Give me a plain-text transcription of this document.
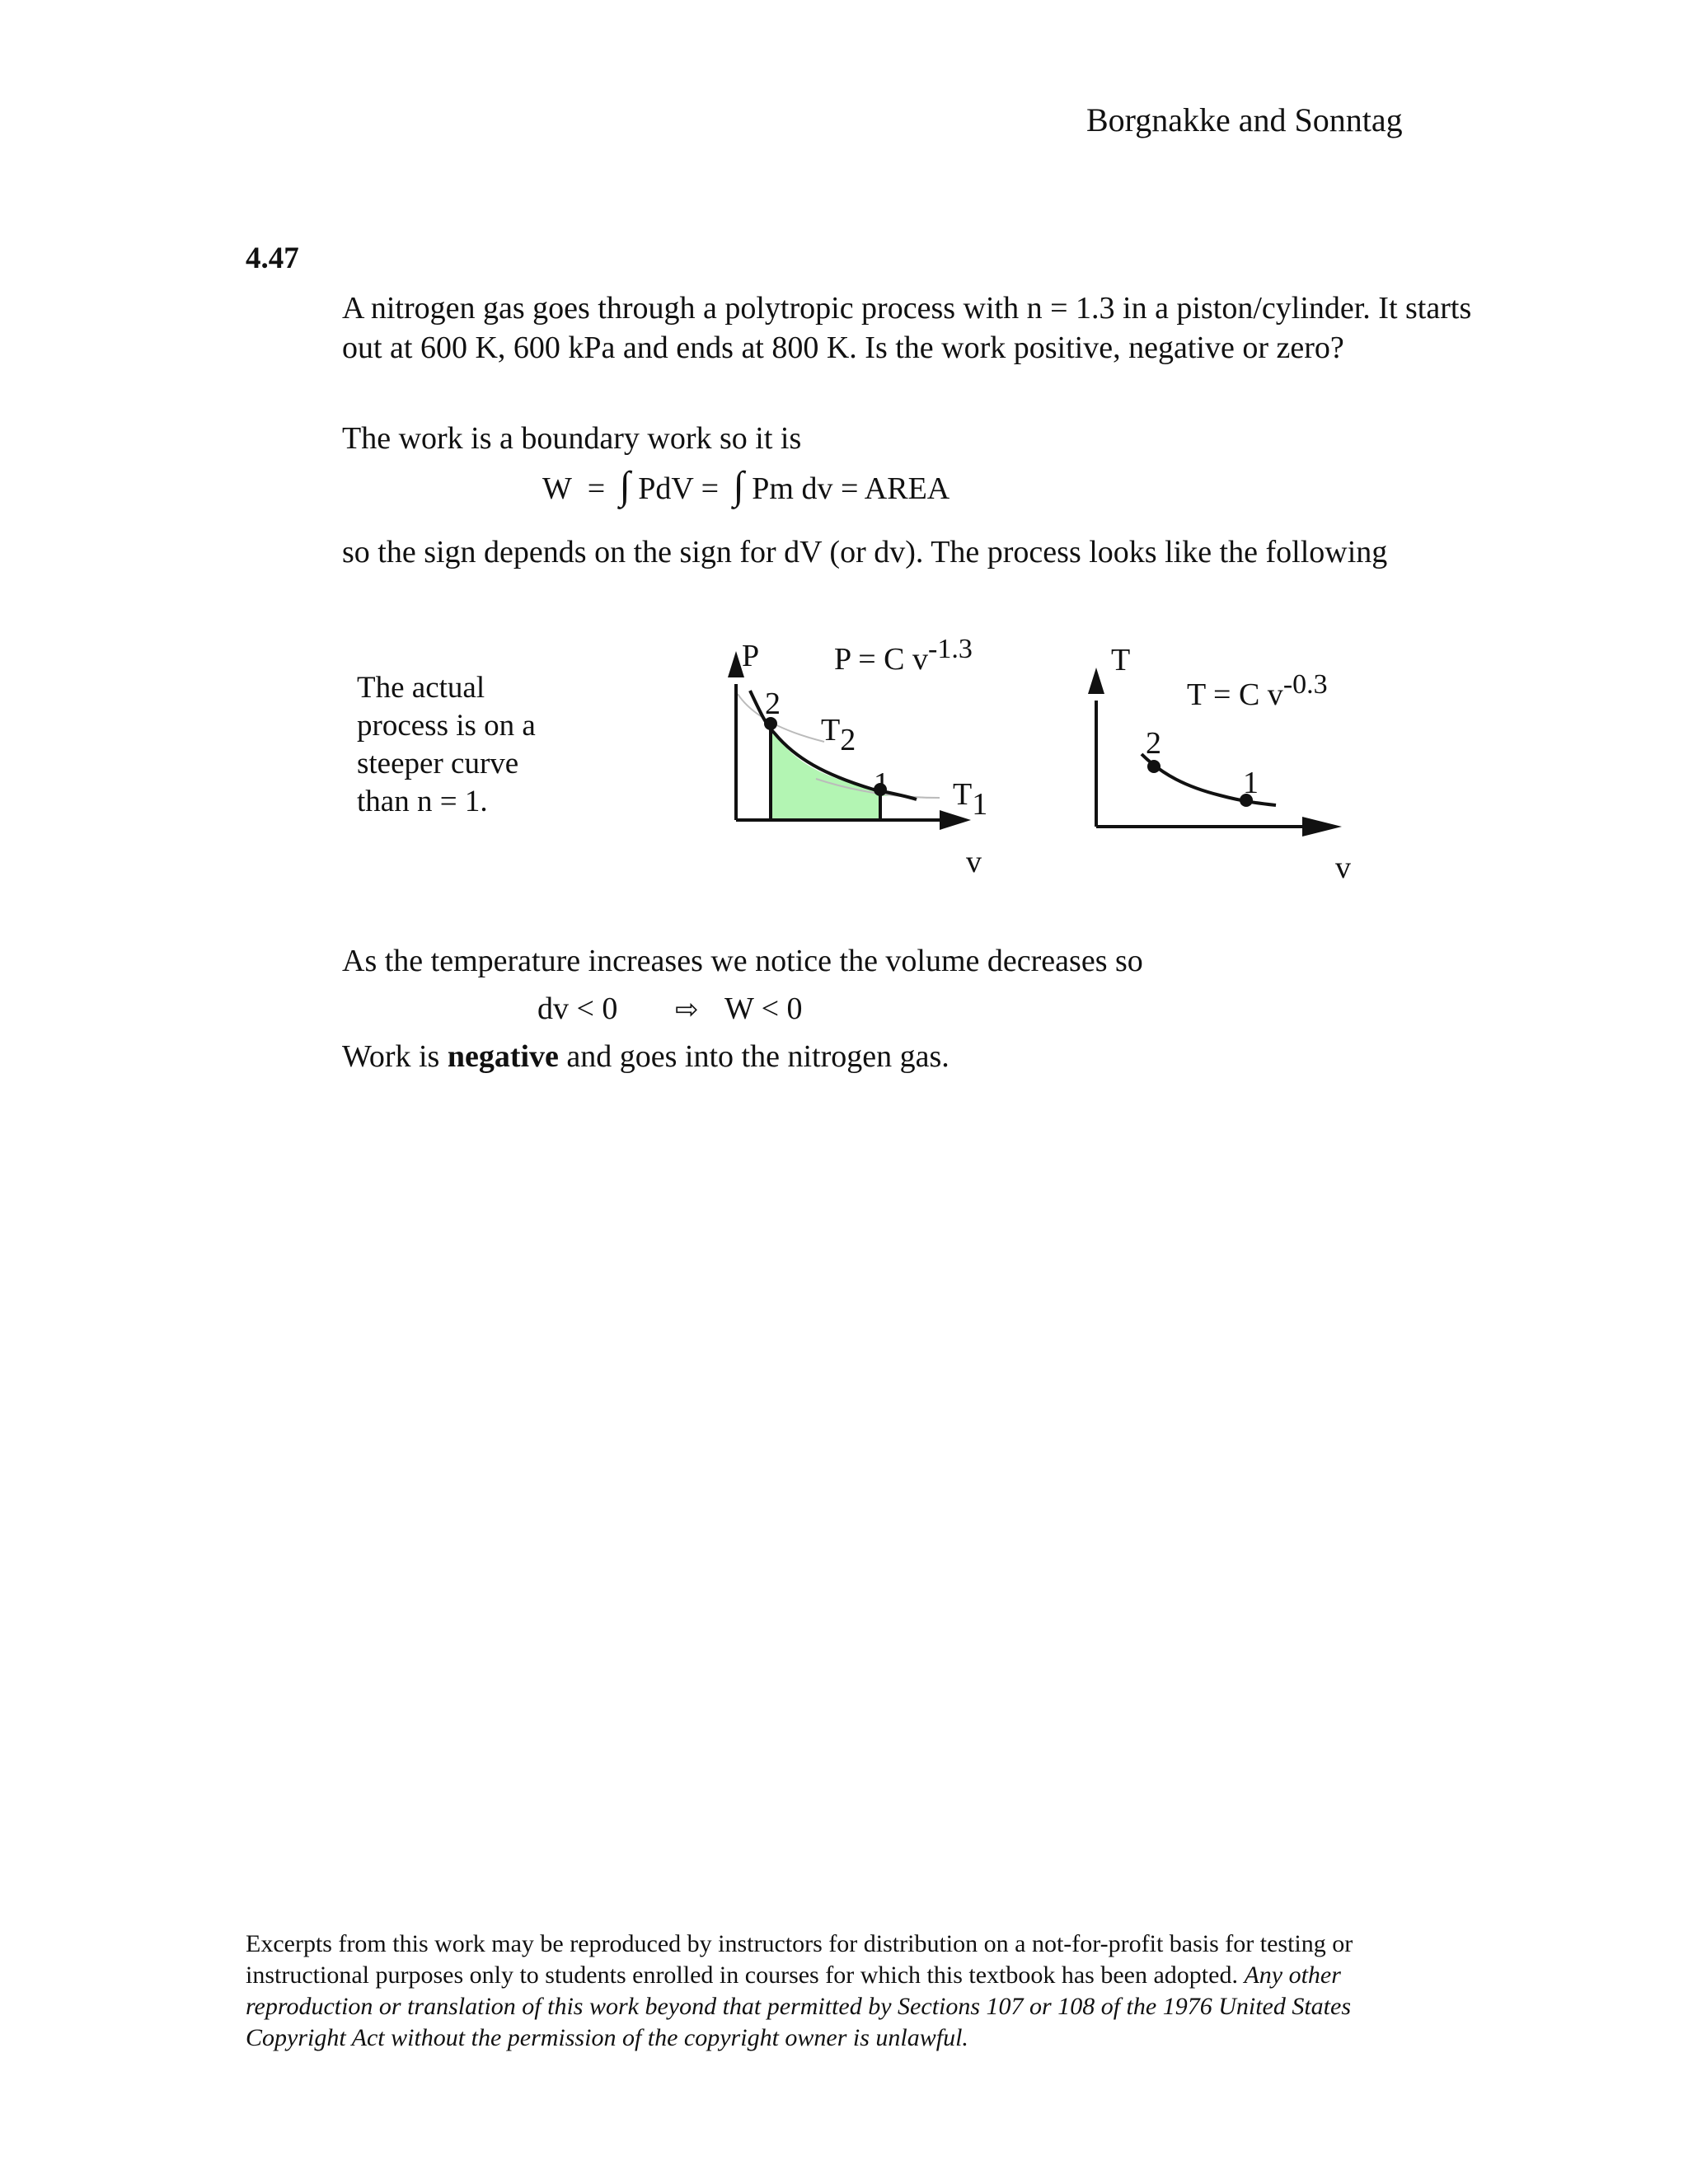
Borgnakke and Sonntag
4.47
A nitrogen gas goes through a polytropic process with n = 1.3 in a piston/cylinder. It starts out at 600 K, 600 kPa and ends at 800 K. Is the work positive, negative or zero?
The work is a boundary work so it is
W = ∫ PdV = ∫ Pm dv = AREA
so the sign depends on the sign for dV (or dv). The process looks like the following
The actual
process is on a
steeper curve
than n = 1.
P P = C v-1.3
2
1
T2
T1
v
T
T = C v-0.3
2
1
v
As the temperature increases we notice the volume decreases so
dv < 0 ⇨ W < 0
Work is negative and goes into the nitrogen gas.
Excerpts from this work may be reproduced by instructors for distribution on a not-for-profit basis for testing or instructional purposes only to students enrolled in courses for which this textbook has been adopted. Any other reproduction or translation of this work beyond that permitted by Sections 107 or 108 of the 1976 United States Copyright Act without the permission of the copyright owner is unlawful.
